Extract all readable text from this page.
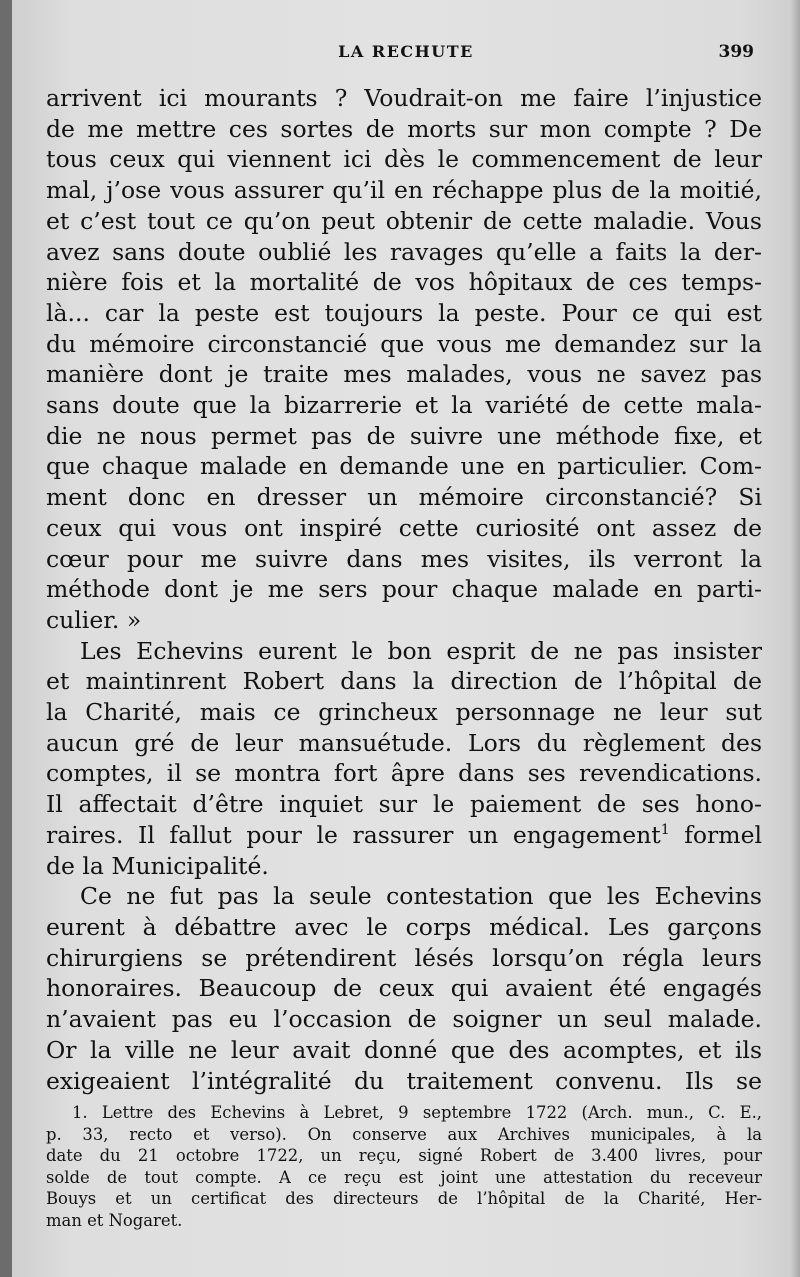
LA RECHUTE	399
arrivent ici mourants ? Voudrait-on me faire l’injustice
de me mettre ces sortes de morts sur mon compte ? De
tous ceux qui viennent ici dès le commencement de leur
mal, j’ose vous assurer qu’il en réchappe plus de la moitié,
et c’est tout ce qu’on peut obtenir de cette maladie. Vous
avez sans doute oublié les ravages qu’elle a faits la der-
nière fois et la mortalité de vos hôpitaux de ces temps-
là... car la peste est toujours la peste. Pour ce qui est
du mémoire circonstancié que vous me demandez sur la
manière dont je traite mes malades, vous ne savez pas
sans doute que la bizarrerie et la variété de cette mala-
die ne nous permet pas de suivre une méthode fixe, et
que chaque malade en demande une en particulier. Com-
ment donc en dresser un mémoire circonstancié? Si
ceux qui vous ont inspiré cette curiosité ont assez de
cœur pour me suivre dans mes visites, ils verront la
méthode dont je me sers pour chaque malade en parti-
culier. »
Les Echevins eurent le bon esprit de ne pas insister
et maintinrent Robert dans la direction de l’hôpital de
la Charité, mais ce grincheux personnage ne leur sut
aucun gré de leur mansuétude. Lors du règlement des
comptes, il se montra fort âpre dans ses revendications.
Il affectait d’être inquiet sur le paiement de ses hono-
raires. Il fallut pour le rassurer un engagement$^1$ formel
de la Municipalité.
Ce ne fut pas la seule contestation que les Echevins
eurent à débattre avec le corps médical. Les garçons
chirurgiens se prétendirent lésés lorsqu’on régla leurs
honoraires. Beaucoup de ceux qui avaient été engagés
n’avaient pas eu l’occasion de soigner un seul malade.
Or la ville ne leur avait donné que des acomptes, et ils
exigeaient l’intégralité du traitement convenu. Ils se
1. Lettre des Echevins à Lebret, 9 septembre 1722 (Arch. mun., C. E.,
p. 33, recto et verso). On conserve aux Archives municipales, à la
date du 21 octobre 1722, un reçu, signé Robert de 3.400 livres, pour
solde de tout compte. A ce reçu est joint une attestation du receveur
Bouys et un certificat des directeurs de l’hôpital de la Charité, Her-
man et Nogaret.
